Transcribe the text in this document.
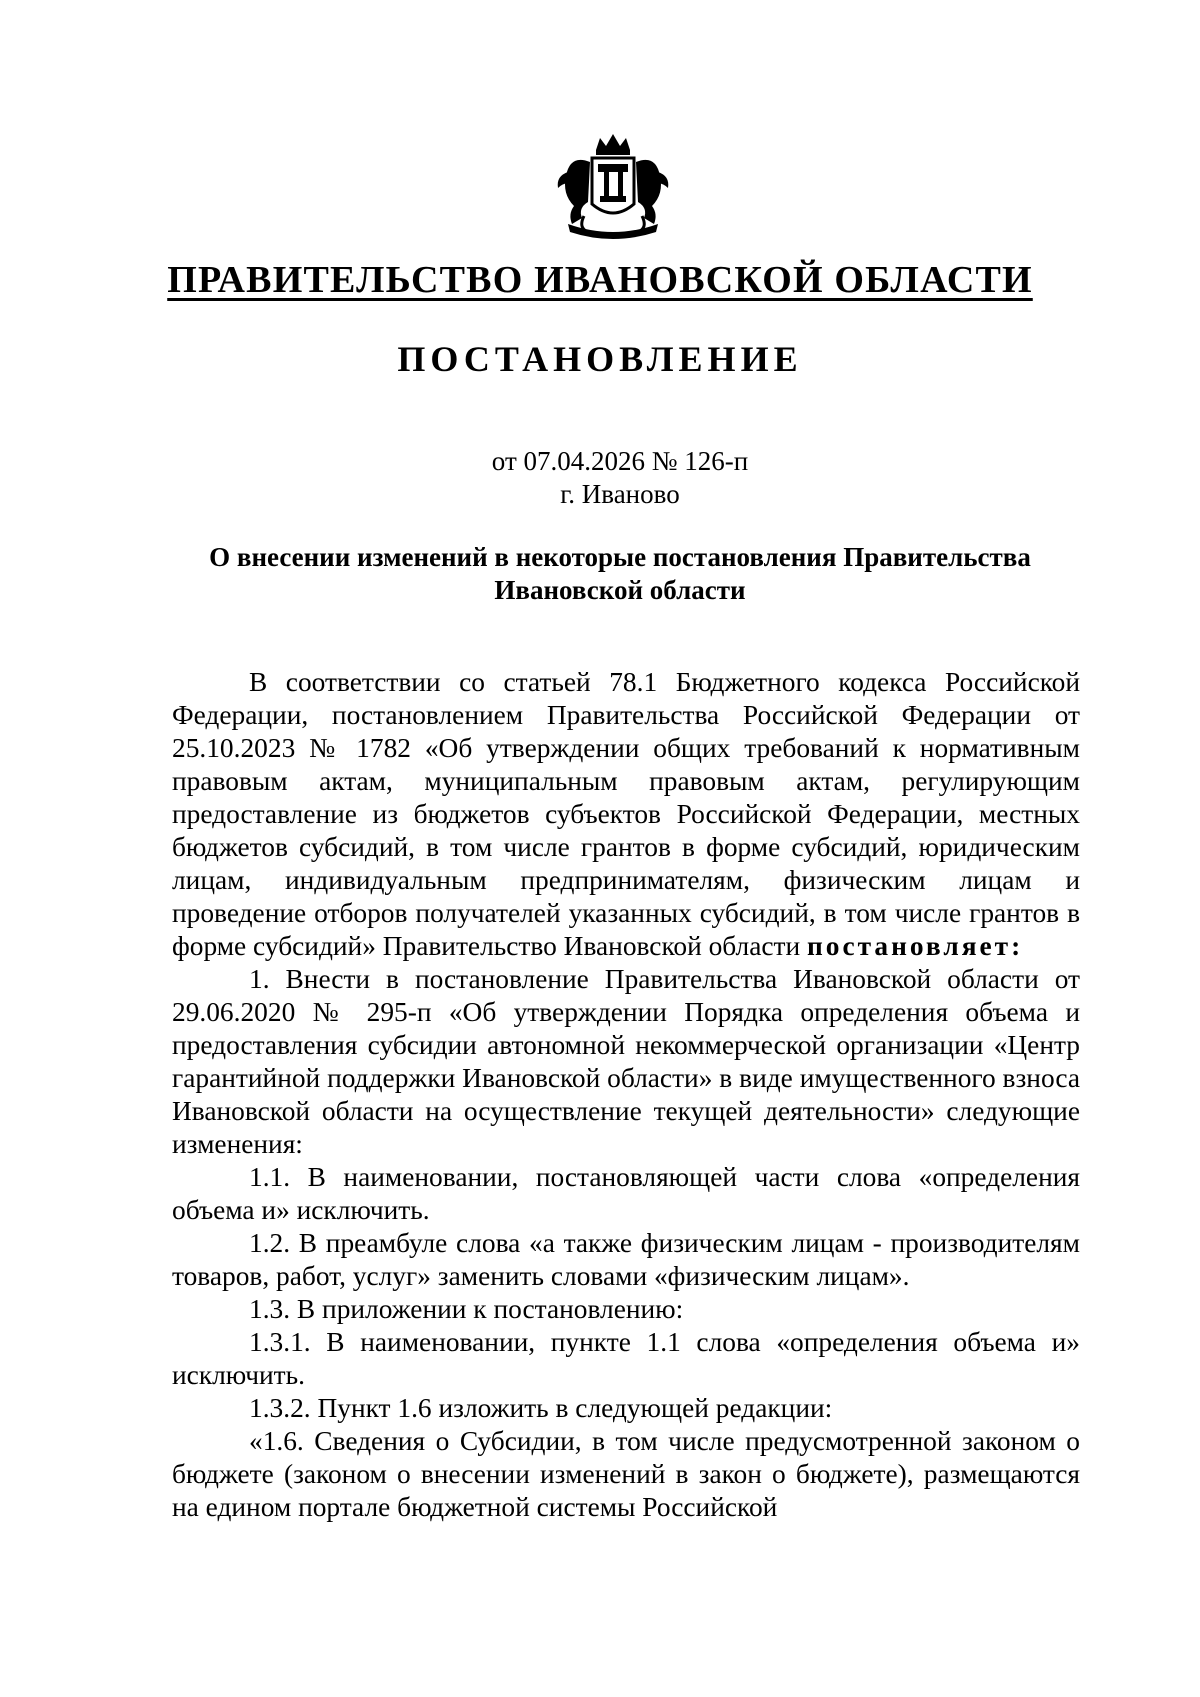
ПРАВИТЕЛЬСТВО ИВАНОВСКОЙ ОБЛАСТИ
ПОСТАНОВЛЕНИЕ
от 07.04.2026 № 126-п
г. Иваново
О внесении изменений в некоторые постановления Правительства Ивановской области

В соответствии со статьей 78.1 Бюджетного кодекса Российской Федерации, постановлением Правительства Российской Федерации от 25.10.2023 № 1782 «Об утверждении общих требований к нормативным правовым актам, муниципальным правовым актам, регулирующим предоставление из бюджетов субъектов Российской Федерации, местных бюджетов субсидий, в том числе грантов в форме субсидий, юридическим лицам, индивидуальным предпринимателям, физическим лицам и проведение отборов получателей указанных субсидий, в том числе грантов в форме субсидий» Правительство Ивановской области постановляет:

1. Внести в постановление Правительства Ивановской области от 29.06.2020 № 295-п «Об утверждении Порядка определения объема и предоставления субсидии автономной некоммерческой организации «Центр гарантийной поддержки Ивановской области» в виде имущественного взноса Ивановской области на осуществление текущей деятельности» следующие изменения:

1.1. В наименовании, постановляющей части слова «определения объема и» исключить.

1.2. В преамбуле слова «а также физическим лицам - производителям товаров, работ, услуг» заменить словами «физическим лицам».

1.3. В приложении к постановлению:

1.3.1. В наименовании, пункте 1.1 слова «определения объема и» исключить.

1.3.2. Пункт 1.6 изложить в следующей редакции:

«1.6. Сведения о Субсидии, в том числе предусмотренной законом о бюджете (законом о внесении изменений в закон о бюджете), размещаются на едином портале бюджетной системы Российской
